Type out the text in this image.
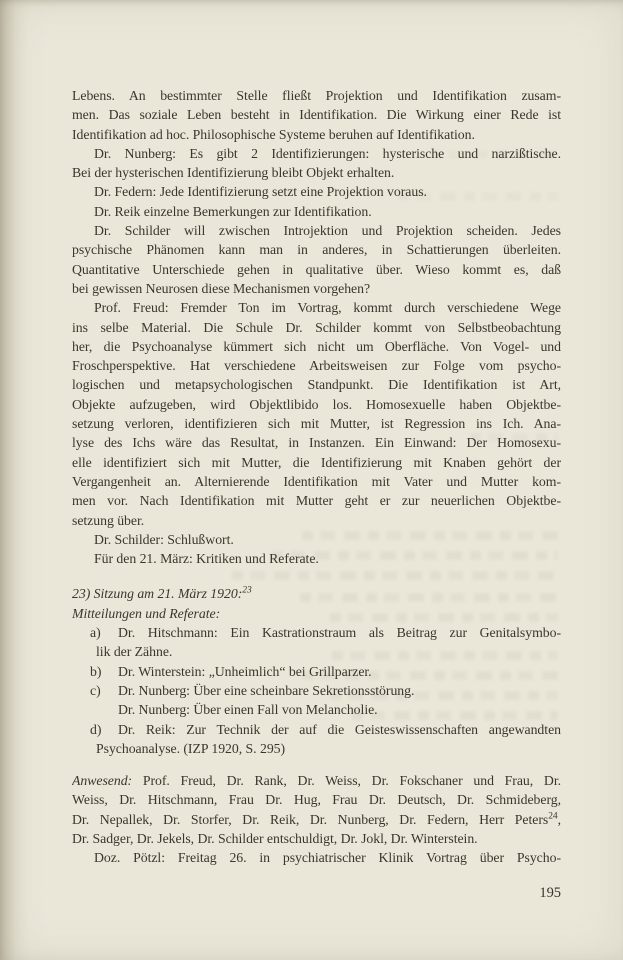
Lebens. An bestimmter Stelle fließt Projektion und Identifikation zusam-
men. Das soziale Leben besteht in Identifikation. Die Wirkung einer Rede ist
Identifikation ad hoc. Philosophische Systeme beruhen auf Identifikation.
Dr. Nunberg: Es gibt 2 Identifizierungen: hysterische und narzißtische.
Bei der hysterischen Identifizierung bleibt Objekt erhalten.
Dr. Federn: Jede Identifizierung setzt eine Projektion voraus.
Dr. Reik einzelne Bemerkungen zur Identifikation.
Dr. Schilder will zwischen Introjektion und Projektion scheiden. Jedes
psychische Phänomen kann man in anderes, in Schattierungen überleiten.
Quantitative Unterschiede gehen in qualitative über. Wieso kommt es, daß
bei gewissen Neurosen diese Mechanismen vorgehen?
Prof. Freud: Fremder Ton im Vortrag, kommt durch verschiedene Wege
ins selbe Material. Die Schule Dr. Schilder kommt von Selbstbeobachtung
her, die Psychoanalyse kümmert sich nicht um Oberfläche. Von Vogel- und
Froschperspektive. Hat verschiedene Arbeitsweisen zur Folge vom psycho-
logischen und metapsychologischen Standpunkt. Die Identifikation ist Art,
Objekte aufzugeben, wird Objektlibido los. Homosexuelle haben Objektbe-
setzung verloren, identifizieren sich mit Mutter, ist Regression ins Ich. Ana-
lyse des Ichs wäre das Resultat, in Instanzen. Ein Einwand: Der Homosexu-
elle identifiziert sich mit Mutter, die Identifizierung mit Knaben gehört der
Vergangenheit an. Alternierende Identifikation mit Vater und Mutter kom-
men vor. Nach Identifikation mit Mutter geht er zur neuerlichen Objektbe-
setzung über.
Dr. Schilder: Schlußwort.
Für den 21. März: Kritiken und Referate.
23) Sitzung am 21. März 1920:$^{23}$
Mitteilungen und Referate:
a) Dr. Hitschmann: Ein Kastrationstraum als Beitrag zur Genitalsymbo-
lik der Zähne.
b) Dr. Winterstein: „Unheimlich“ bei Grillparzer.
c) Dr. Nunberg: Über eine scheinbare Sekretionsstörung.
Dr. Nunberg: Über einen Fall von Melancholie.
d) Dr. Reik: Zur Technik der auf die Geisteswissenschaften angewandten
Psychoanalyse. (IZP 1920, S. 295)
Anwesend: Prof. Freud, Dr. Rank, Dr. Weiss, Dr. Fokschaner und Frau, Dr.
Weiss, Dr. Hitschmann, Frau Dr. Hug, Frau Dr. Deutsch, Dr. Schmideberg,
Dr. Nepallek, Dr. Storfer, Dr. Reik, Dr. Nunberg, Dr. Federn, Herr Peters$^{24}$,
Dr. Sadger, Dr. Jekels, Dr. Schilder entschuldigt, Dr. Jokl, Dr. Winterstein.
Doz. Pötzl: Freitag 26. in psychiatrischer Klinik Vortrag über Psycho-
195
